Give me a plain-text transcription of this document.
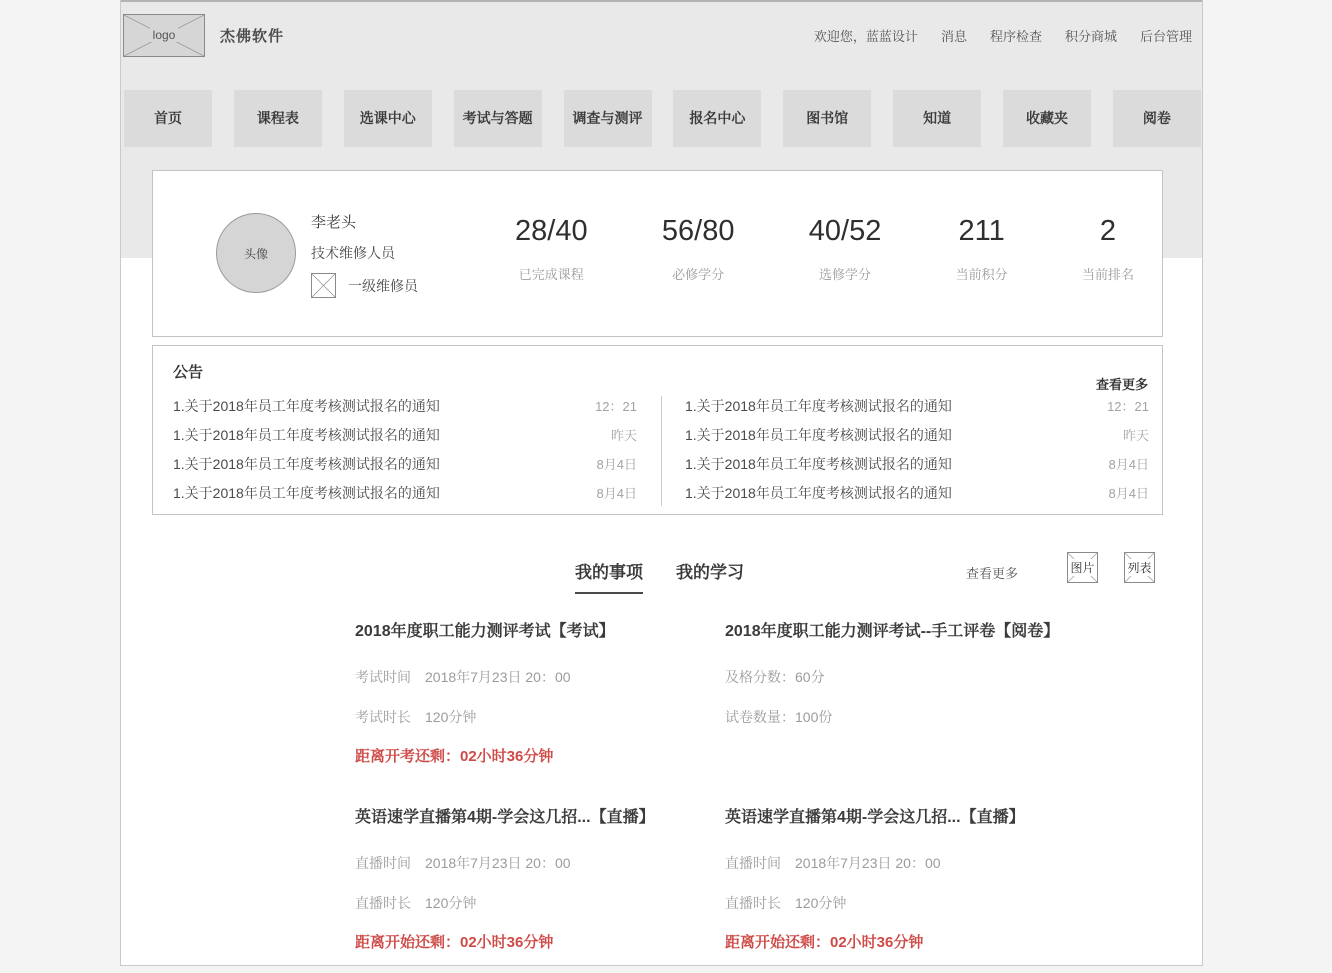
logo	杰佛软件	欢迎您，蓝蓝设计 消息 程序检查 积分商城 后台管理
首页	课程表	选课中心	考试与答题	调查与测评	报名中心	图书馆	知道	收藏夹	阅卷
头像
李老头
技术维修人员
一级维修员
28/40
已完成课程
56/80
必修学分
40/52
选修学分
211
当前积分
2
当前排名
公告
查看更多
1.关于2018年员工年度考核测试报名的通知	12：21
1.关于2018年员工年度考核测试报名的通知	昨天
1.关于2018年员工年度考核测试报名的通知	8月4日
1.关于2018年员工年度考核测试报名的通知	8月4日
1.关于2018年员工年度考核测试报名的通知	12：21
1.关于2018年员工年度考核测试报名的通知	昨天
1.关于2018年员工年度考核测试报名的通知	8月4日
1.关于2018年员工年度考核测试报名的通知	8月4日
我的事项 我的学习	查看更多	图片	列表
2018年度职工能力测评考试【考试】
考试时间 2018年7月23日 20：00
考试时长 120分钟
距离开考还剩：02小时36分钟
2018年度职工能力测评考试--手工评卷【阅卷】
及格分数：60分
试卷数量：100份
英语速学直播第4期-学会这几招...【直播】
直播时间 2018年7月23日 20：00
直播时长 120分钟
距离开始还剩：02小时36分钟
英语速学直播第4期-学会这几招...【直播】
直播时间 2018年7月23日 20：00
直播时长 120分钟
距离开始还剩：02小时36分钟
